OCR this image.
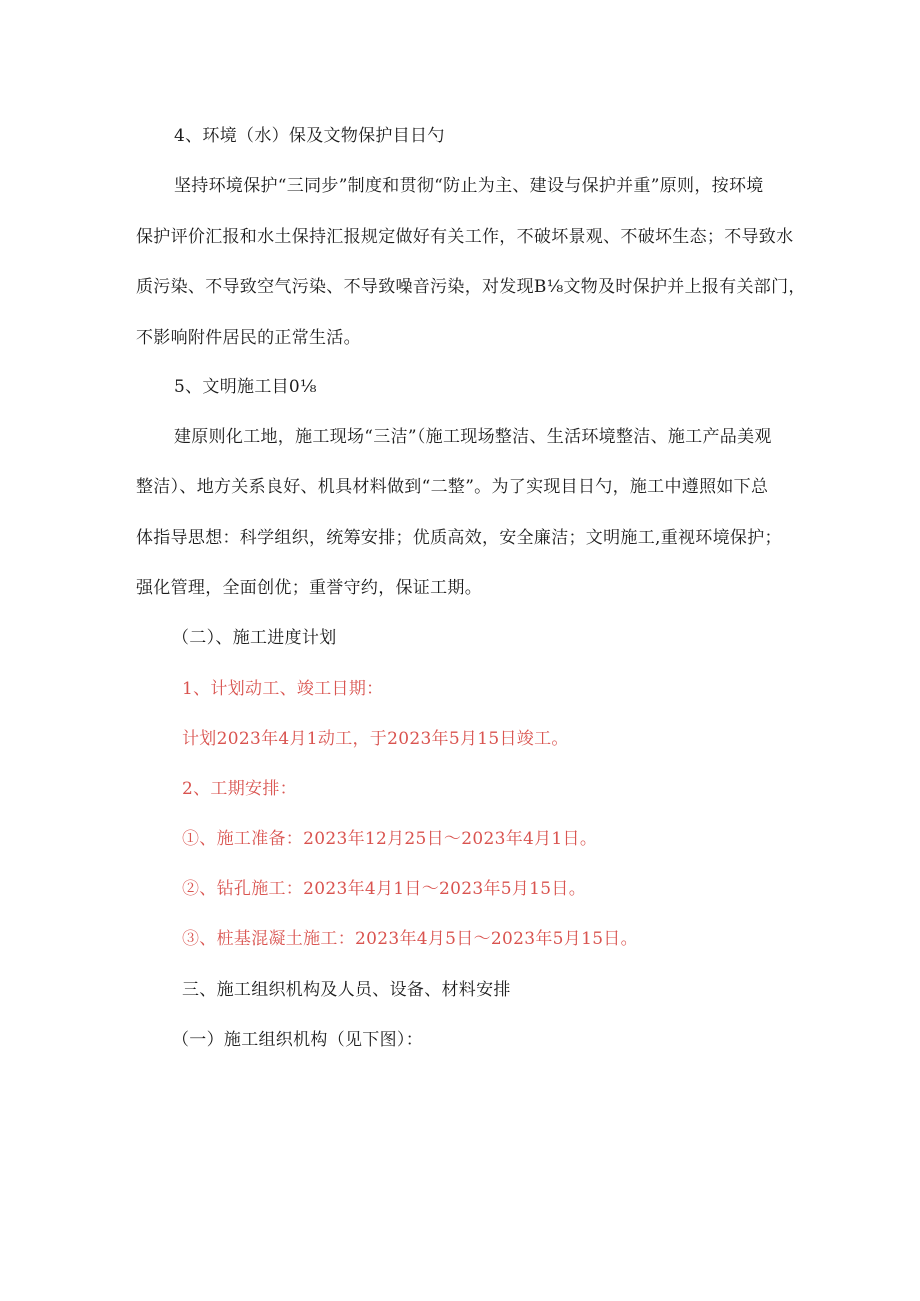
4、环境（水）保及文物保护目日勺
坚持环境保护“三同步”制度和贯彻“防止为主、建设与保护并重”原则，按环境
保护评价汇报和水土保持汇报规定做好有关工作，不破坏景观、不破坏生态；不导致水
质污染、不导致空气污染、不导致噪音污染，对发现B⅛文物及时保护并上报有关部门，
不影响附件居民的正常生活。
5、文明施工目0⅛
建原则化工地，施工现场“三洁”（施工现场整洁、生活环境整洁、施工产品美观
整洁）、地方关系良好、机具材料做到“二整”。为了实现目日勺，施工中遵照如下总
体指导思想：科学组织，统筹安排；优质高效，安全廉洁；文明施工,重视环境保护；
强化管理，全面创优；重誉守约，保证工期。
（二）、施工进度计划
1、计划动工、竣工日期：
计划2023年4月1动工，于2023年5月15日竣工。
2、工期安排：
①、施工准备：2023年12月25日～2023年4月1日。
②、钻孔施工：2023年4月1日～2023年5月15日。
③、桩基混凝土施工：2023年4月5日～2023年5月15日。
三、施工组织机构及人员、设备、材料安排
（一）施工组织机构（见下图）：
